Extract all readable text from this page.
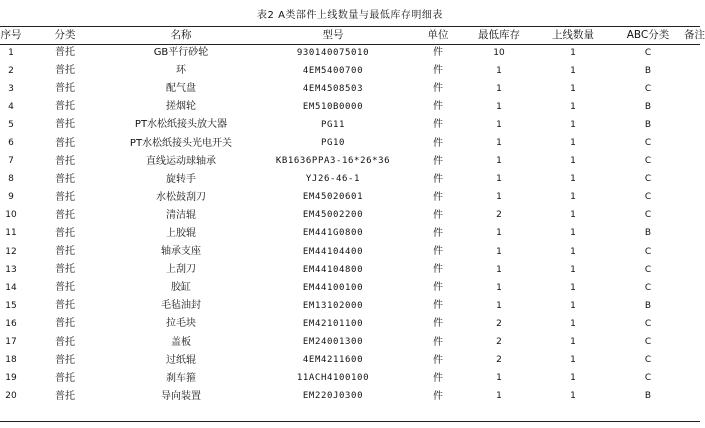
表2 A类部件上线数量与最低库存明细表
序号	分类	名称	型号	单位	最低库存	上线数量	ABC分类	备注
1	普托	GB平行砂轮	930140075010	件	10	1	C	
2	普托	环	4EM5400700	件	1	1	B	
3	普托	配气盘	4EM4508503	件	1	1	C	
4	普托	搓烟轮	EM510B0000	件	1	1	B	
5	普托	PT水松纸接头放大器	PG11	件	1	1	B	
6	普托	PT水松纸接头光电开关	PG10	件	1	1	C	
7	普托	直线运动球轴承	KB1636PPA3-16*26*36	件	1	1	C	
8	普托	旋转手	YJ26-46-1	件	1	1	C	
9	普托	水松鼓刮刀	EM45020601	件	1	1	C	
10	普托	清洁辊	EM45002200	件	2	1	C	
11	普托	上胶辊	EM441G0800	件	1	1	B	
12	普托	轴承支座	EM44104400	件	1	1	C	
13	普托	上刮刀	EM44104800	件	1	1	C	
14	普托	胶缸	EM44100100	件	1	1	C	
15	普托	毛毡油封	EM13102000	件	1	1	B	
16	普托	拉毛块	EM42101100	件	2	1	C	
17	普托	盖板	EM24001300	件	2	1	C	
18	普托	过纸辊	4EM4211600	件	2	1	C	
19	普托	刹车箍	11ACH4100100	件	1	1	C	
20	普托	导向装置	EM220J0300	件	1	1	B	
